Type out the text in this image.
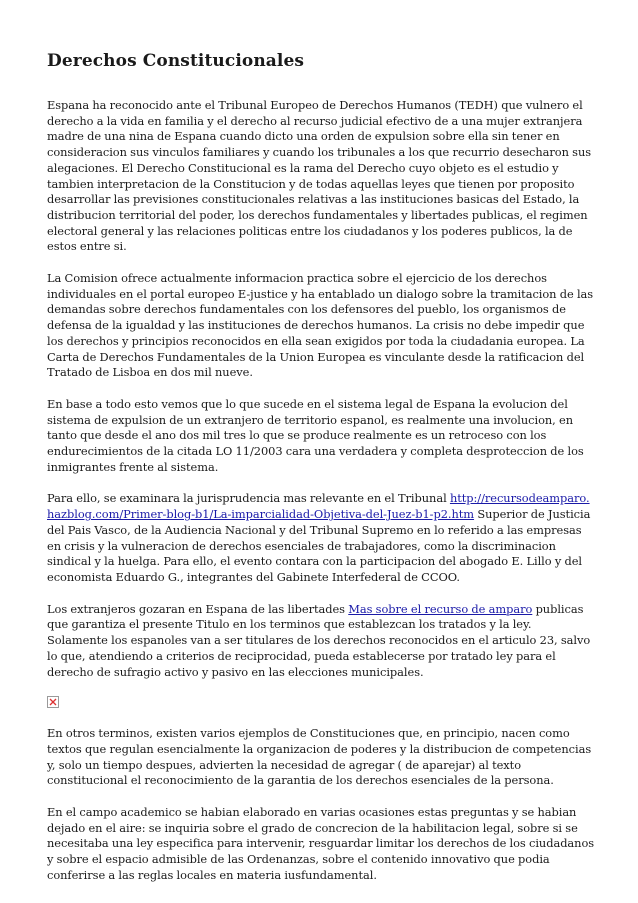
Derechos Constitucionales

Espana ha reconocido ante el Tribunal Europeo de Derechos Humanos (TEDH) que vulnero el derecho a la vida en familia y el derecho al recurso judicial efectivo de a una mujer extranjera madre de una nina de Espana cuando dicto una orden de expulsion sobre ella sin tener en consideracion sus vinculos familiares y cuando los tribunales a los que recurrio desecharon sus alegaciones. El Derecho Constitucional es la rama del Derecho cuyo objeto es el estudio y tambien interpretacion de la Constitucion y de todas aquellas leyes que tienen por proposito desarrollar las previsiones constitucionales relativas a las instituciones basicas del Estado, la distribucion territorial del poder, los derechos fundamentales y libertades publicas, el regimen electoral general y las relaciones politicas entre los ciudadanos y los poderes publicos, la de estos entre si.

La Comision ofrece actualmente informacion practica sobre el ejercicio de los derechos individuales en el portal europeo E-justice y ha entablado un dialogo sobre la tramitacion de las demandas sobre derechos fundamentales con los defensores del pueblo, los organismos de defensa de la igualdad y las instituciones de derechos humanos. La crisis no debe impedir que los derechos y principios reconocidos en ella sean exigidos por toda la ciudadania europea. La Carta de Derechos Fundamentales de la Union Europea es vinculante desde la ratificacion del Tratado de Lisboa en dos mil nueve.

En base a todo esto vemos que lo que sucede en el sistema legal de Espana la evolucion del sistema de expulsion de un extranjero de territorio espanol, es realmente una involucion, en tanto que desde el ano dos mil tres lo que se produce realmente es un retroceso con los endurecimientos de la citada LO 11/2003 cara una verdadera y completa desproteccion de los inmigrantes frente al sistema.

Para ello, se examinara la jurisprudencia mas relevante en el Tribunal http://recursodeamparo.hazblog.com/Primer-blog-b1/La-imparcialidad-Objetiva-del-Juez-b1-p2.htm Superior de Justicia del Pais Vasco, de la Audiencia Nacional y del Tribunal Supremo en lo referido a las empresas en crisis y la vulneracion de derechos esenciales de trabajadores, como la discriminacion sindical y la huelga. Para ello, el evento contara con la participacion del abogado E. Lillo y del economista Eduardo G., integrantes del Gabinete Interfederal de CCOO.

Los extranjeros gozaran en Espana de las libertades Mas sobre el recurso de amparo publicas que garantiza el presente Titulo en los terminos que establezcan los tratados y la ley. Solamente los espanoles van a ser titulares de los derechos reconocidos en el articulo 23, salvo lo que, atendiendo a criterios de reciprocidad, pueda establecerse por tratado ley para el derecho de sufragio activo y pasivo en las elecciones municipales.

En otros terminos, existen varios ejemplos de Constituciones que, en principio, nacen como textos que regulan esencialmente la organizacion de poderes y la distribucion de competencias y, solo un tiempo despues, advierten la necesidad de agregar ( de aparejar) al texto constitucional el reconocimiento de la garantia de los derechos esenciales de la persona.

En el campo academico se habian elaborado en varias ocasiones estas preguntas y se habian dejado en el aire: se inquiria sobre el grado de concrecion de la habilitacion legal, sobre si se necesitaba una ley especifica para intervenir, resguardar limitar los derechos de los ciudadanos y sobre el espacio admisible de las Ordenanzas, sobre el contenido innovativo que podia conferirse a las reglas locales en materia iusfundamental.
